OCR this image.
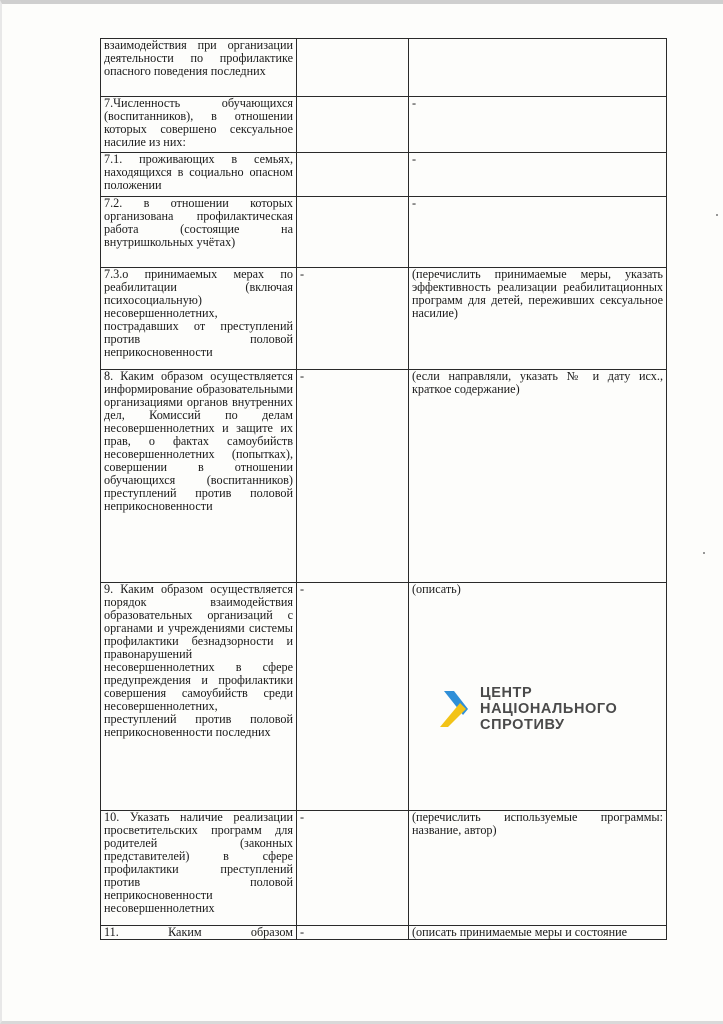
взаимодействия при организации деятельности по профилактике опасного поведения последних		
7.Численность обучающихся (воспитанников), в отношении которых совершено сексуальное насилие из них:		-
7.1. проживающих в семьях, находящихся в социально опасном положении		-
7.2. в отношении которых организована профилактическая работа (состоящие на внутришкольных учётах)		-
7.3.о принимаемых мерах по реабилитации (включая психосоциальную) несовершеннолетних, пострадавших от преступлений против половой неприкосновенности	-	(перечислить принимаемые меры, указать эффективность реализации реабилитационных программ для детей, переживших сексуальное насилие)
8. Каким образом осуществляется информирование образовательными организациями органов внутренних дел, Комиссий по делам несовершеннолетних и защите их прав, о фактах самоубийств несовершеннолетних (попытках), совершении в отношении обучающихся (воспитанников) преступлений против половой неприкосновенности	-	(если направляли, указать № и дату исх., краткое содержание)
9. Каким образом осуществляется порядок взаимодействия образовательных организаций с органами и учреждениями системы профилактики безнадзорности и правонарушений несовершеннолетних в сфере предупреждения и профилактики совершения самоубийств среди несовершеннолетних, преступлений против половой неприкосновенности последних	-	(описать)
10. Указать наличие реализации просветительских программ для родителей (законных представителей) в сфере профилактики преступлений против половой неприкосновенности несовершеннолетних	-	(перечислить используемые программы: название, автор)
11. Каким образом	-	(описать принимаемые меры и состояние
ЦЕНТР
НАЦІОНАЛЬНОГО
СПРОТИВУ
